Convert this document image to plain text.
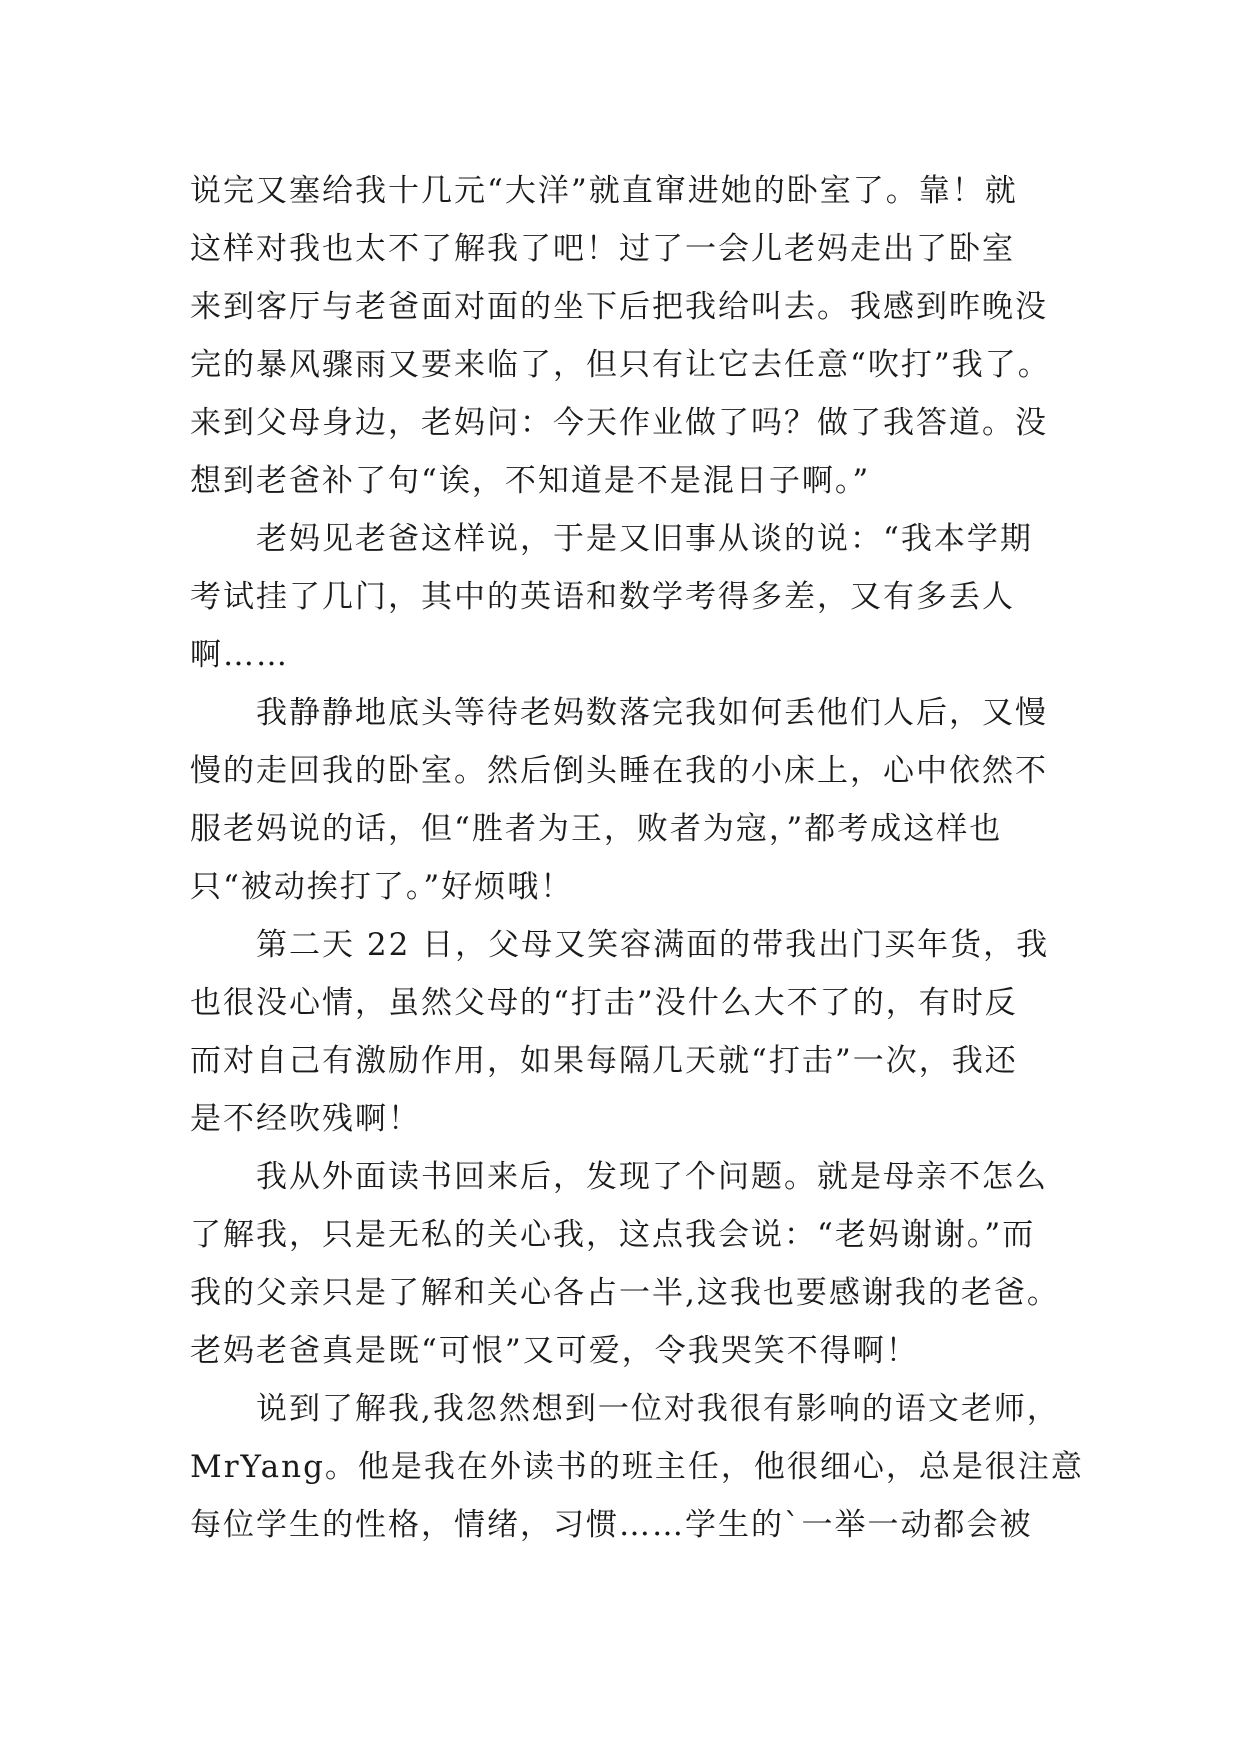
说完又塞给我十几元“大洋”就直窜进她的卧室了。靠！就
这样对我也太不了解我了吧！过了一会儿老妈走出了卧室
来到客厅与老爸面对面的坐下后把我给叫去。我感到昨晚没
完的暴风骤雨又要来临了，但只有让它去任意“吹打”我了。
来到父母身边，老妈问：今天作业做了吗？做了我答道。没
想到老爸补了句“诶，不知道是不是混日子啊。”
老妈见老爸这样说，于是又旧事从谈的说：“我本学期
考试挂了几门，其中的英语和数学考得多差，又有多丢人
啊……
我静静地底头等待老妈数落完我如何丢他们人后，又慢
慢的走回我的卧室。然后倒头睡在我的小床上，心中依然不
服老妈说的话，但“胜者为王，败者为寇，”都考成这样也
只“被动挨打了。”好烦哦！
第二天 22 日，父母又笑容满面的带我出门买年货，我
也很没心情，虽然父母的“打击”没什么大不了的，有时反
而对自己有激励作用，如果每隔几天就“打击”一次，我还
是不经吹残啊！
我从外面读书回来后，发现了个问题。就是母亲不怎么
了解我，只是无私的关心我，这点我会说：“老妈谢谢。”而
我的父亲只是了解和关心各占一半,这我也要感谢我的老爸。
老妈老爸真是既“可恨”又可爱，令我哭笑不得啊！
说到了解我,我忽然想到一位对我很有影响的语文老师，
MrYang。他是我在外读书的班主任，他很细心，总是很注意
每位学生的性格，情绪，习惯……学生的`一举一动都会被
